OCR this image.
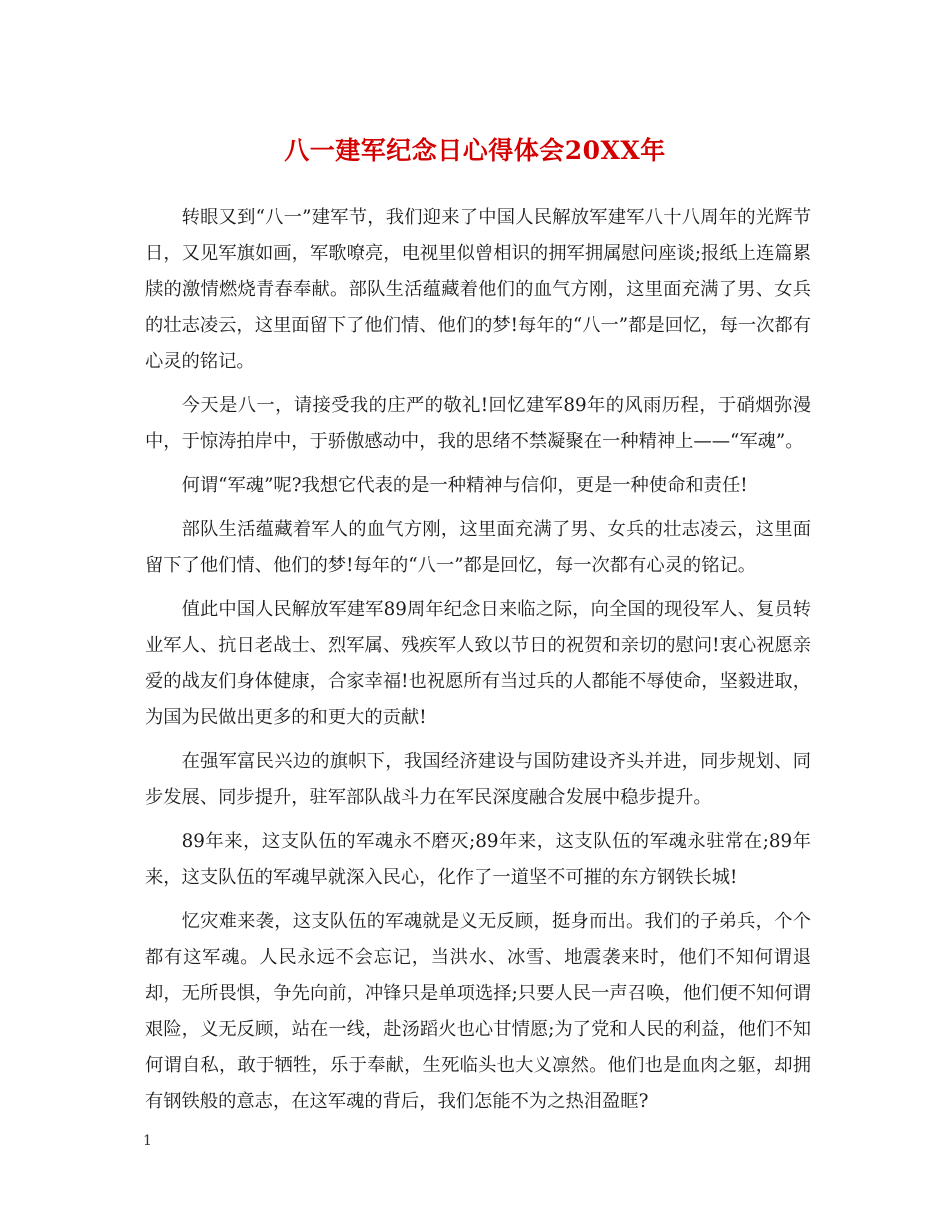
八一建军纪念日心得体会20XX年

转眼又到“八一”建军节，我们迎来了中国人民解放军建军八十八周年的光辉节日，又见军旗如画，军歌嘹亮，电视里似曾相识的拥军拥属慰问座谈;报纸上连篇累牍的激情燃烧青春奉献。部队生活蕴藏着他们的血气方刚，这里面充满了男、女兵的壮志凌云，这里面留下了他们情、他们的梦!每年的“八一”都是回忆，每一次都有心灵的铭记。

今天是八一，请接受我的庄严的敬礼!回忆建军89年的风雨历程，于硝烟弥漫中，于惊涛拍岸中，于骄傲感动中，我的思绪不禁凝聚在一种精神上——“军魂”。

何谓“军魂”呢?我想它代表的是一种精神与信仰，更是一种使命和责任!

部队生活蕴藏着军人的血气方刚，这里面充满了男、女兵的壮志凌云，这里面留下了他们情、他们的梦!每年的“八一”都是回忆，每一次都有心灵的铭记。

值此中国人民解放军建军89周年纪念日来临之际，向全国的现役军人、复员转业军人、抗日老战士、烈军属、残疾军人致以节日的祝贺和亲切的慰问!衷心祝愿亲爱的战友们身体健康，合家幸福!也祝愿所有当过兵的人都能不辱使命，坚毅进取，为国为民做出更多的和更大的贡献!

在强军富民兴边的旗帜下，我国经济建设与国防建设齐头并进，同步规划、同步发展、同步提升，驻军部队战斗力在军民深度融合发展中稳步提升。

89年来，这支队伍的军魂永不磨灭;89年来，这支队伍的军魂永驻常在;89年来，这支队伍的军魂早就深入民心，化作了一道坚不可摧的东方钢铁长城!

忆灾难来袭，这支队伍的军魂就是义无反顾，挺身而出。我们的子弟兵，个个都有这军魂。人民永远不会忘记，当洪水、冰雪、地震袭来时，他们不知何谓退却，无所畏惧，争先向前，冲锋只是单项选择;只要人民一声召唤，他们便不知何谓艰险，义无反顾，站在一线，赴汤蹈火也心甘情愿;为了党和人民的利益，他们不知何谓自私，敢于牺牲，乐于奉献，生死临头也大义凛然。他们也是血肉之躯，却拥有钢铁般的意志，在这军魂的背后，我们怎能不为之热泪盈眶?

1
